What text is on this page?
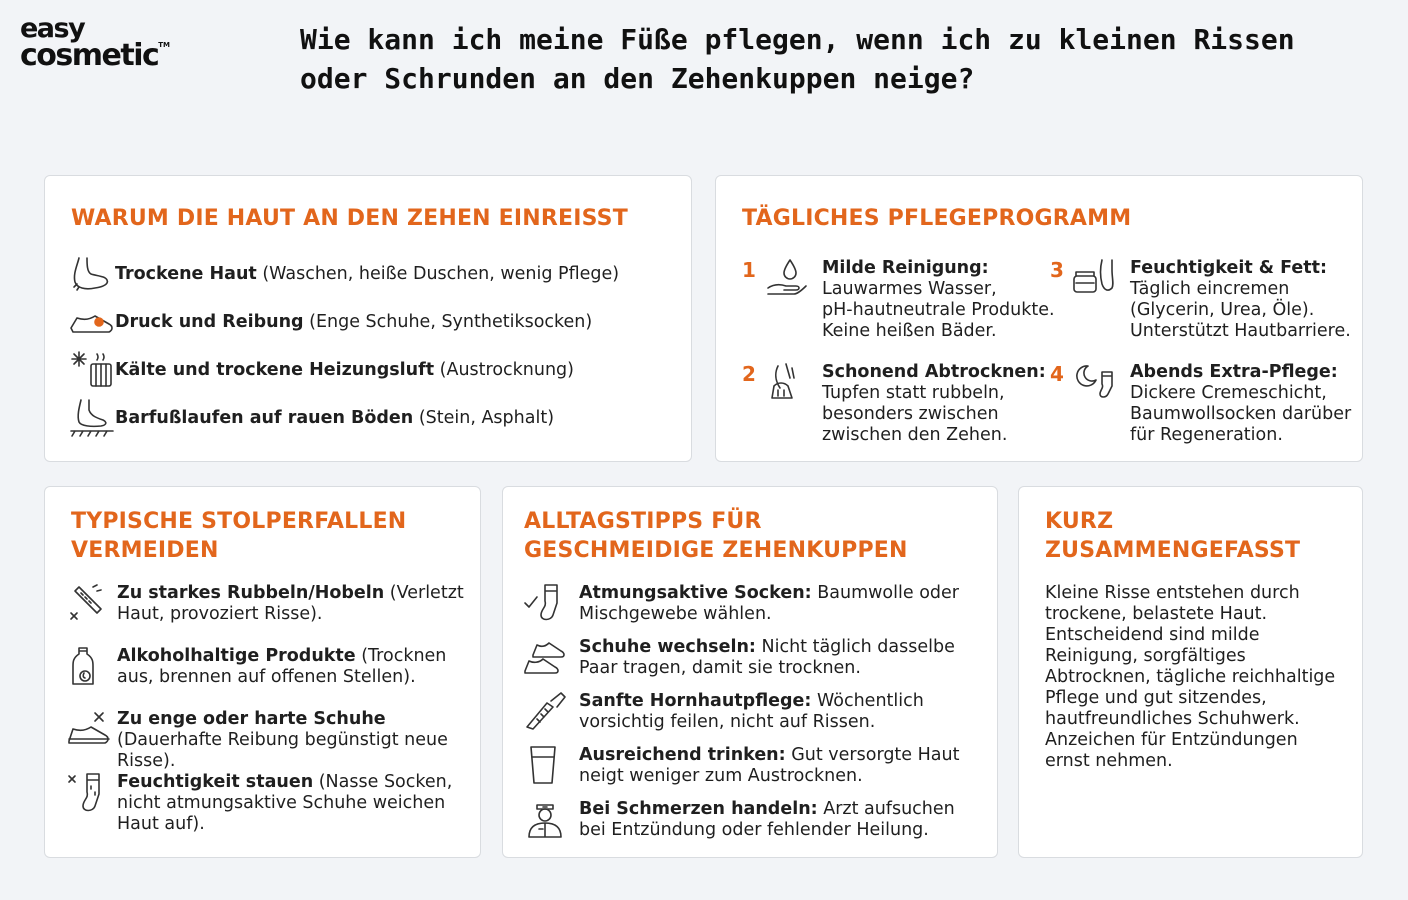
easy
cosmetic™	Wie kann ich meine Füße pflegen, wenn ich zu kleinen Rissen
oder Schrunden an den Zehenkuppen neige?
WARUM DIE HAUT AN DEN ZEHEN EINREISST
Trockene Haut (Waschen, heiße Duschen, wenig Pflege)
Druck und Reibung (Enge Schuhe, Synthetiksocken)
Kälte und trockene Heizungsluft (Austrocknung)
Barfußlaufen auf rauen Böden (Stein, Asphalt)
TÄGLICHES PFLEGEPROGRAMM
1	Milde Reinigung:
Lauwarmes Wasser,
pH-hautneutrale Produkte.
Keine heißen Bäder.
3	Feuchtigkeit & Fett:
Täglich eincremen
(Glycerin, Urea, Öle).
Unterstützt Hautbarriere.
2	Schonend Abtrocknen:
Tupfen statt rubbeln,
besonders zwischen
zwischen den Zehen.
4	Abends Extra-Pflege:
Dickere Cremeschicht,
Baumwollsocken darüber
für Regeneration.
TYPISCHE STOLPERFALLEN
VERMEIDEN
Zu starkes Rubbeln/Hobeln (Verletzt Haut, provoziert Risse).
Alkoholhaltige Produkte (Trocknen aus, brennen auf offenen Stellen).
Zu enge oder harte Schuhe (Dauerhafte Reibung begünstigt neue Risse).
Feuchtigkeit stauen (Nasse Socken, nicht atmungsaktive Schuhe weichen Haut auf).
ALLTAGSTIPPS FÜR
GESCHMEIDIGE ZEHENKUPPEN
Atmungsaktive Socken: Baumwolle oder Mischgewebe wählen.
Schuhe wechseln: Nicht täglich dasselbe Paar tragen, damit sie trocknen.
Sanfte Hornhautpflege: Wöchentlich vorsichtig feilen, nicht auf Rissen.
Ausreichend trinken: Gut versorgte Haut neigt weniger zum Austrocknen.
Bei Schmerzen handeln: Arzt aufsuchen bei Entzündung oder fehlender Heilung.
KURZ
ZUSAMMENGEFASST
Kleine Risse entstehen durch
trockene, belastete Haut.
Entscheidend sind milde
Reinigung, sorgfältiges
Abtrocknen, tägliche reichhaltige
Pflege und gut sitzendes,
hautfreundliches Schuhwerk.
Anzeichen für Entzündungen
ernst nehmen.
